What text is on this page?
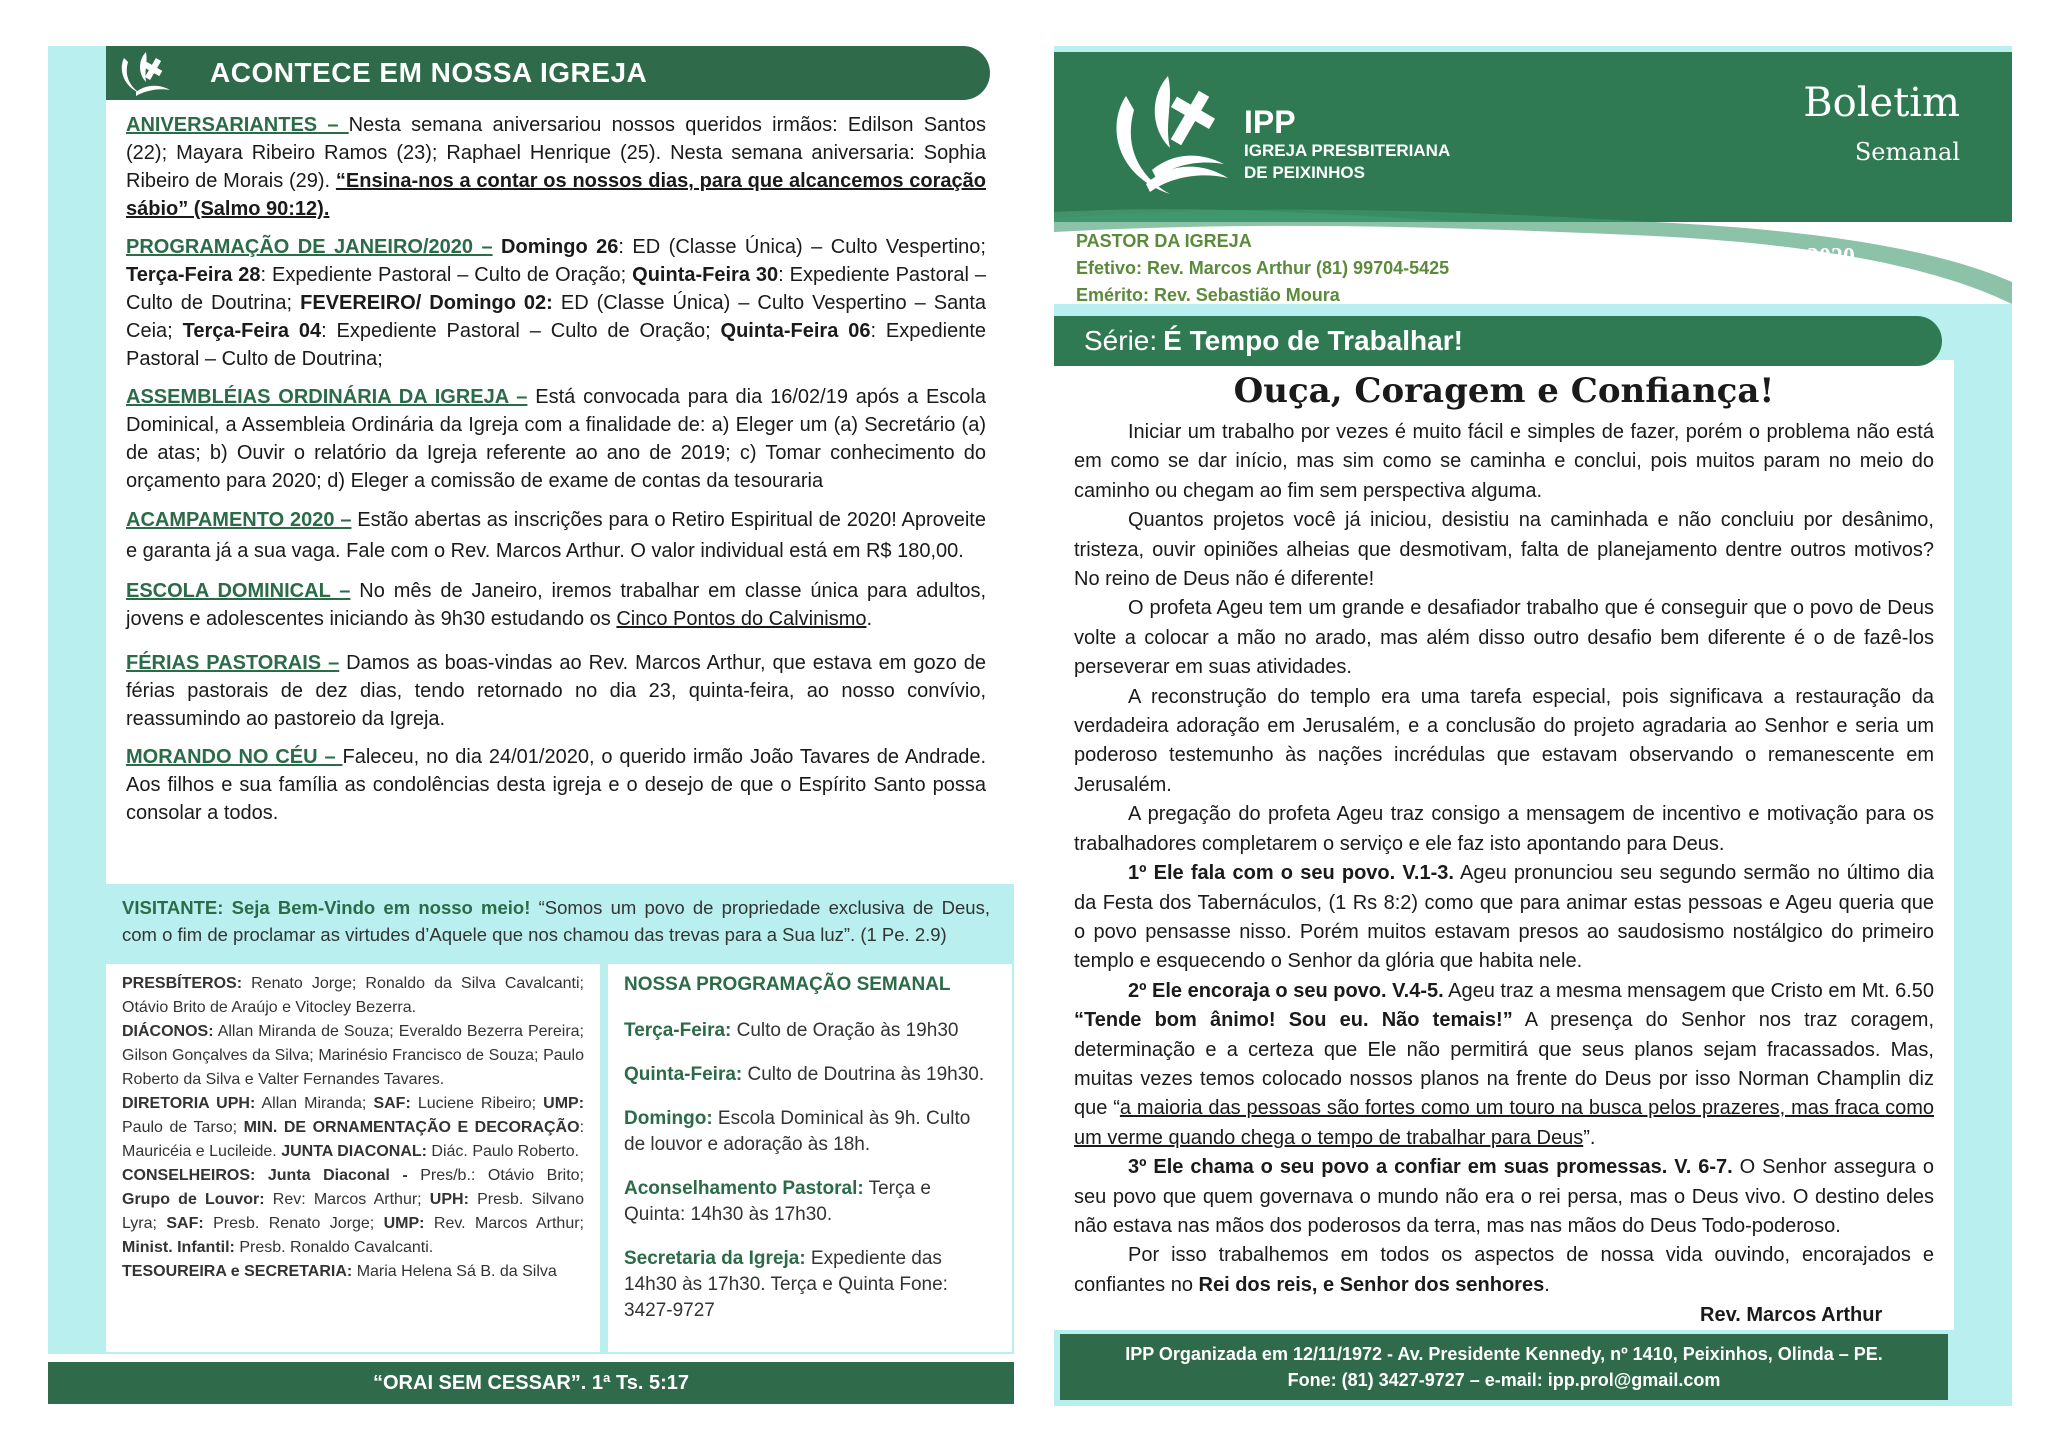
ACONTECE EM NOSSA IGREJA

ANIVERSARIANTES – Nesta semana aniversariou nossos queridos irmãos: Edilson Santos (22); Mayara Ribeiro Ramos (23); Raphael Henrique (25). Nesta semana aniversaria: Sophia Ribeiro de Morais (29). “Ensina-nos a contar os nossos dias, para que alcancemos coração sábio” (Salmo 90:12).

PROGRAMAÇÃO DE JANEIRO/2020 – Domingo 26: ED (Classe Única) – Culto Vespertino; Terça-Feira 28: Expediente Pastoral – Culto de Oração; Quinta-Feira 30: Expediente Pastoral – Culto de Doutrina; FEVEREIRO/ Domingo 02: ED (Classe Única) – Culto Vespertino – Santa Ceia; Terça-Feira 04: Expediente Pastoral – Culto de Oração; Quinta-Feira 06: Expediente Pastoral – Culto de Doutrina;

ASSEMBLÉIAS ORDINÁRIA DA IGREJA – Está convocada para dia 16/02/19 após a Escola Dominical, a Assembleia Ordinária da Igreja com a finalidade de: a) Eleger um (a) Secretário (a) de atas; b) Ouvir o relatório da Igreja referente ao ano de 2019; c) Tomar conhecimento do orçamento para 2020; d) Eleger a comissão de exame de contas da tesouraria

ACAMPAMENTO 2020 – Estão abertas as inscrições para o Retiro Espiritual de 2020! Aproveite e garanta já a sua vaga. Fale com o Rev. Marcos Arthur. O valor individual está em R$ 180,00.

ESCOLA DOMINICAL – No mês de Janeiro, iremos trabalhar em classe única para adultos, jovens e adolescentes iniciando às 9h30 estudando os Cinco Pontos do Calvinismo.

FÉRIAS PASTORAIS – Damos as boas-vindas ao Rev. Marcos Arthur, que estava em gozo de férias pastorais de dez dias, tendo retornado no dia 23, quinta-feira, ao nosso convívio, reassumindo ao pastoreio da Igreja.

MORANDO NO CÉU – Faleceu, no dia 24/01/2020, o querido irmão João Tavares de Andrade. Aos filhos e sua família as condolências desta igreja e o desejo de que o Espírito Santo possa consolar a todos.

VISITANTE: Seja Bem-Vindo em nosso meio! “Somos um povo de propriedade exclusiva de Deus, com o fim de proclamar as virtudes d’Aquele que nos chamou das trevas para a Sua luz”. (1 Pe. 2.9)

PRESBÍTEROS: Renato Jorge; Ronaldo da Silva Cavalcanti; Otávio Brito de Araújo e Vitocley Bezerra.

DIÁCONOS: Allan Miranda de Souza; Everaldo Bezerra Pereira; Gilson Gonçalves da Silva; Marinésio Francisco de Souza; Paulo Roberto da Silva e Valter Fernandes Tavares.

DIRETORIA UPH: Allan Miranda; SAF: Luciene Ribeiro; UMP: Paulo de Tarso; MIN. DE ORNAMENTAÇÃO E DECORAÇÃO: Mauricéia e Lucileide. JUNTA DIACONAL: Diác. Paulo Roberto.

CONSELHEIROS: Junta Diaconal - Pres/b.: Otávio Brito; Grupo de Louvor: Rev: Marcos Arthur; UPH: Presb. Silvano Lyra; SAF: Presb. Renato Jorge; UMP: Rev. Marcos Arthur; Minist. Infantil: Presb. Ronaldo Cavalcanti.

TESOUREIRA e SECRETARIA: Maria Helena Sá B. da Silva

NOSSA PROGRAMAÇÃO SEMANAL

Terça-Feira: Culto de Oração às 19h30

Quinta-Feira: Culto de Doutrina às 19h30.

Domingo: Escola Dominical às 9h. Culto de louvor e adoração às 18h.

Aconselhamento Pastoral: Terça e Quinta: 14h30 às 17h30.

Secretaria da Igreja: Expediente das 14h30 às 17h30. Terça e Quinta Fone: 3427-9727

“ORAI SEM CESSAR”. 1ª Ts. 5:17
IPP
IGREJA PRESBITERIANA
DE PEIXINHOS
Boletim
Semanal
PASTOR DA IGREJA
Efetivo: Rev. Marcos Arthur (81) 99704-5425
Emérito: Rev. Sebastião Moura
26 de Janeiro de 2020
Série: É Tempo de Trabalhar!
Ouça, Coragem e Confiança!

Iniciar um trabalho por vezes é muito fácil e simples de fazer, porém o problema não está em como se dar início, mas sim como se caminha e conclui, pois muitos param no meio do caminho ou chegam ao fim sem perspectiva alguma.

Quantos projetos você já iniciou, desistiu na caminhada e não concluiu por desânimo, tristeza, ouvir opiniões alheias que desmotivam, falta de planejamento dentre outros motivos? No reino de Deus não é diferente!

O profeta Ageu tem um grande e desafiador trabalho que é conseguir que o povo de Deus volte a colocar a mão no arado, mas além disso outro desafio bem diferente é o de fazê-los perseverar em suas atividades.

A reconstrução do templo era uma tarefa especial, pois significava a restauração da verdadeira adoração em Jerusalém, e a conclusão do projeto agradaria ao Senhor e seria um poderoso testemunho às nações incrédulas que estavam observando o remanescente em Jerusalém.

A pregação do profeta Ageu traz consigo a mensagem de incentivo e motivação para os trabalhadores completarem o serviço e ele faz isto apontando para Deus.

1º Ele fala com o seu povo. V.1-3. Ageu pronunciou seu segundo sermão no último dia da Festa dos Tabernáculos, (1 Rs 8:2) como que para animar estas pessoas e Ageu queria que o povo pensasse nisso. Porém muitos estavam presos ao saudosismo nostálgico do primeiro templo e esquecendo o Senhor da glória que habita nele.

2º Ele encoraja o seu povo. V.4-5. Ageu traz a mesma mensagem que Cristo em Mt. 6.50 “Tende bom ânimo! Sou eu. Não temais!” A presença do Senhor nos traz coragem, determinação e a certeza que Ele não permitirá que seus planos sejam fracassados. Mas, muitas vezes temos colocado nossos planos na frente do Deus por isso Norman Champlin diz que “a maioria das pessoas são fortes como um touro na busca pelos prazeres, mas fraca como um verme quando chega o tempo de trabalhar para Deus”.

3º Ele chama o seu povo a confiar em suas promessas. V. 6-7. O Senhor assegura o seu povo que quem governava o mundo não era o rei persa, mas o Deus vivo. O destino deles não estava nas mãos dos poderosos da terra, mas nas mãos do Deus Todo-poderoso.

Por isso trabalhemos em todos os aspectos de nossa vida ouvindo, encorajados e confiantes no Rei dos reis, e Senhor dos senhores.

Rev. Marcos Arthur
IPP Organizada em 12/11/1972 - Av. Presidente Kennedy, nº 1410, Peixinhos, Olinda – PE.
Fone: (81) 3427-9727 – e-mail: ipp.prol@gmail.com
